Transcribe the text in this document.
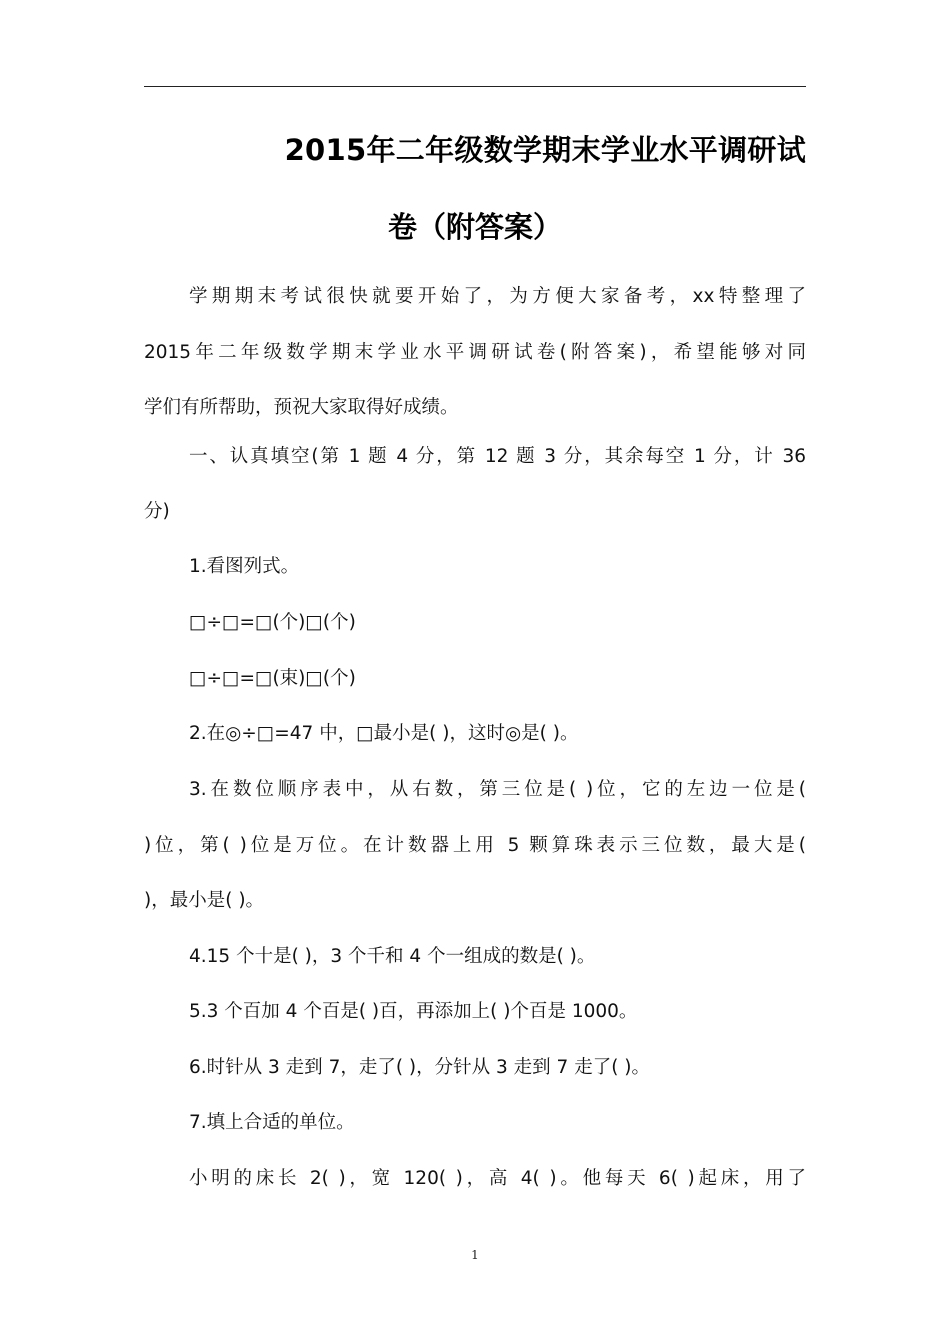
2015年二年级数学期末学业水平调研试
卷（附答案）
学期期末考试很快就要开始了，为方便大家备考，xx特整理了
2015年二年级数学期末学业水平调研试卷(附答案)，希望能够对同
学们有所帮助，预祝大家取得好成绩。
一、认真填空(第 1 题 4 分，第 12 题 3 分，其余每空 1 分，计 36
分)
1.看图列式。
□÷□=□(个)□(个)
□÷□=□(束)□(个)
2.在◎÷□=47 中，□最小是( )，这时◎是( )。
3.在数位顺序表中，从右数，第三位是( )位，它的左边一位是(
)位，第( )位是万位。在计数器上用 5 颗算珠表示三位数，最大是(
)，最小是( )。
4.15 个十是( )，3 个千和 4 个一组成的数是( )。
5.3 个百加 4 个百是( )百，再添加上( )个百是 1000。
6.时针从 3 走到 7，走了( )，分针从 3 走到 7 走了( )。
7.填上合适的单位。
小明的床长 2( )，宽 120( )，高 4( )。他每天 6( )起床，用了
1
